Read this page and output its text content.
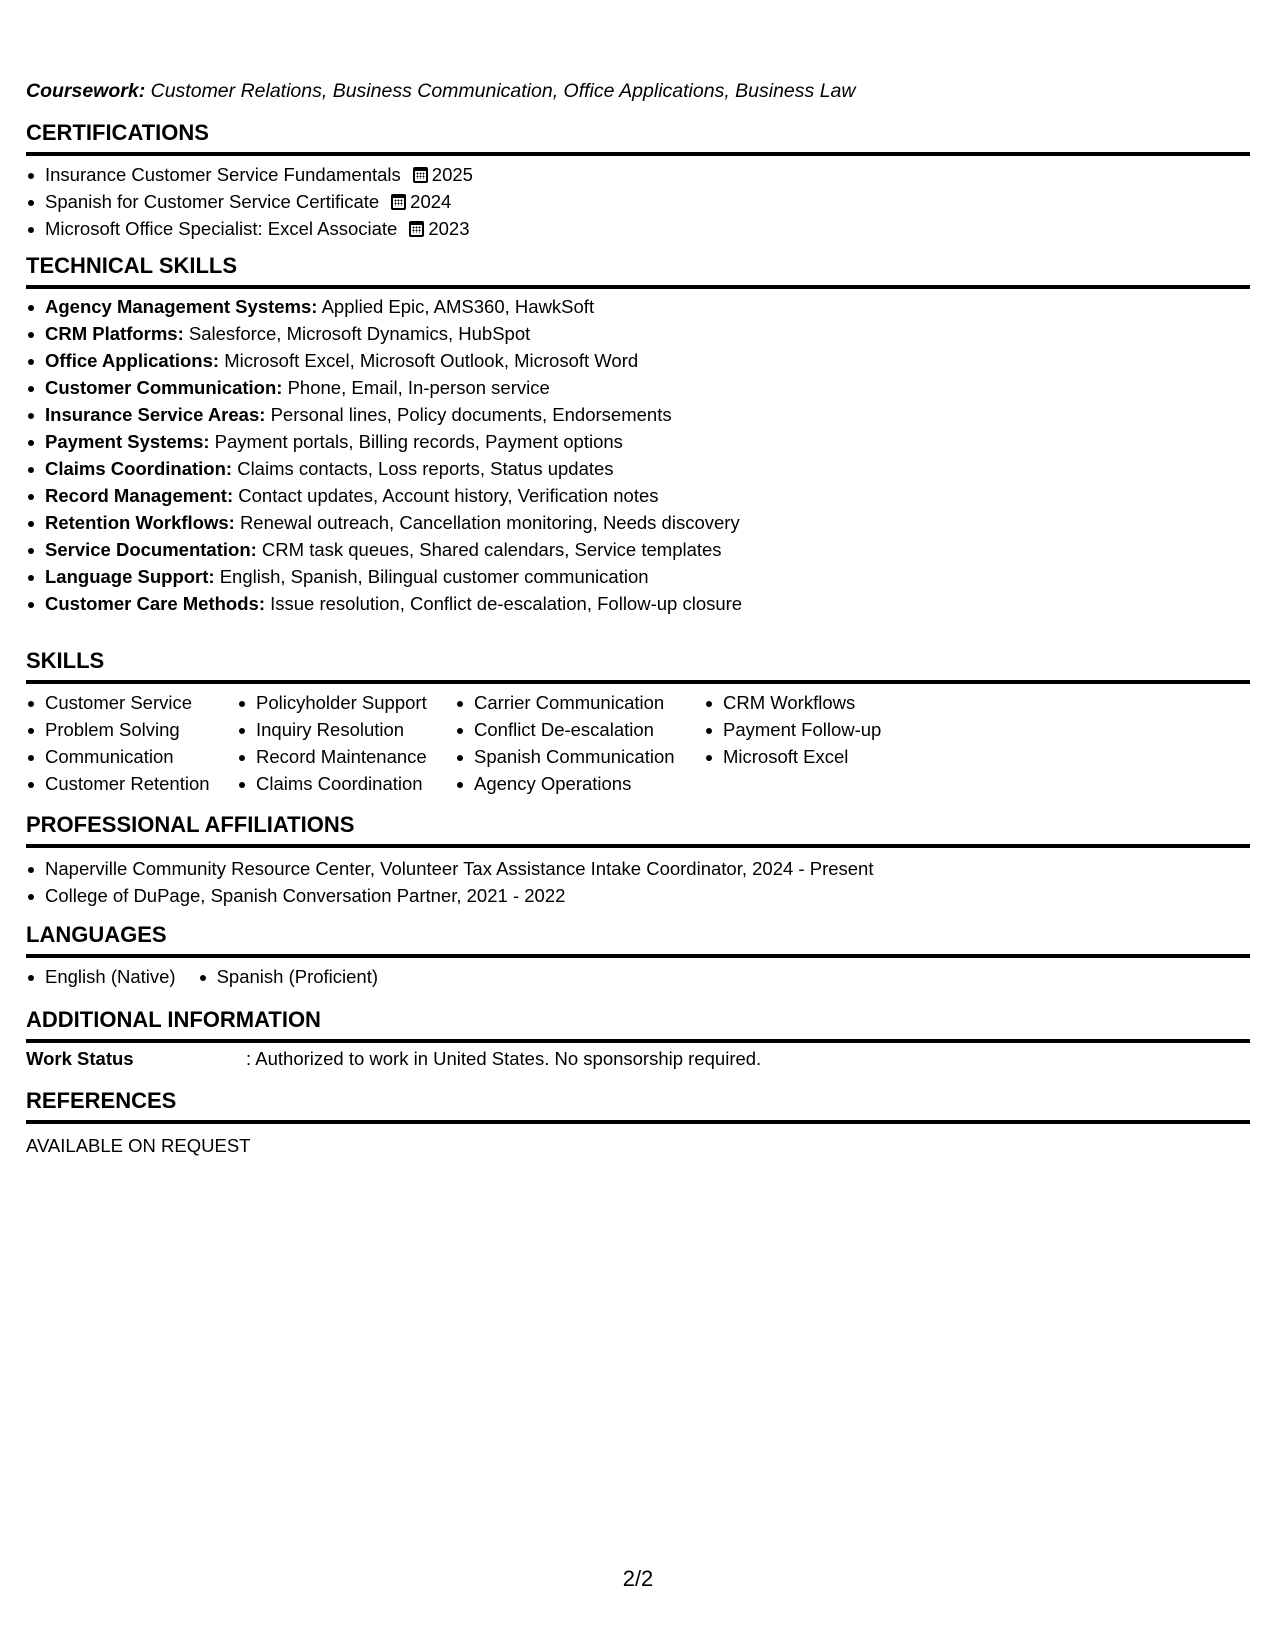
Coursework: Customer Relations, Business Communication, Office Applications, Business Law
CERTIFICATIONS
Insurance Customer Service Fundamentals 2025
Spanish for Customer Service Certificate 2024
Microsoft Office Specialist: Excel Associate 2023
TECHNICAL SKILLS
Agency Management Systems: Applied Epic, AMS360, HawkSoft
CRM Platforms: Salesforce, Microsoft Dynamics, HubSpot
Office Applications: Microsoft Excel, Microsoft Outlook, Microsoft Word
Customer Communication: Phone, Email, In-person service
Insurance Service Areas: Personal lines, Policy documents, Endorsements
Payment Systems: Payment portals, Billing records, Payment options
Claims Coordination: Claims contacts, Loss reports, Status updates
Record Management: Contact updates, Account history, Verification notes
Retention Workflows: Renewal outreach, Cancellation monitoring, Needs discovery
Service Documentation: CRM task queues, Shared calendars, Service templates
Language Support: English, Spanish, Bilingual customer communication
Customer Care Methods: Issue resolution, Conflict de-escalation, Follow-up closure
SKILLS
Customer Service
Problem Solving
Communication
Customer Retention
Policyholder Support
Inquiry Resolution
Record Maintenance
Claims Coordination
Carrier Communication
Conflict De-escalation
Spanish Communication
Agency Operations
CRM Workflows
Payment Follow-up
Microsoft Excel
PROFESSIONAL AFFILIATIONS
Naperville Community Resource Center, Volunteer Tax Assistance Intake Coordinator, 2024 - Present
College of DuPage, Spanish Conversation Partner, 2021 - 2022
LANGUAGES
English (Native)	Spanish (Proficient)
ADDITIONAL INFORMATION
Work Status	: Authorized to work in United States. No sponsorship required.
REFERENCES
AVAILABLE ON REQUEST
2/2
